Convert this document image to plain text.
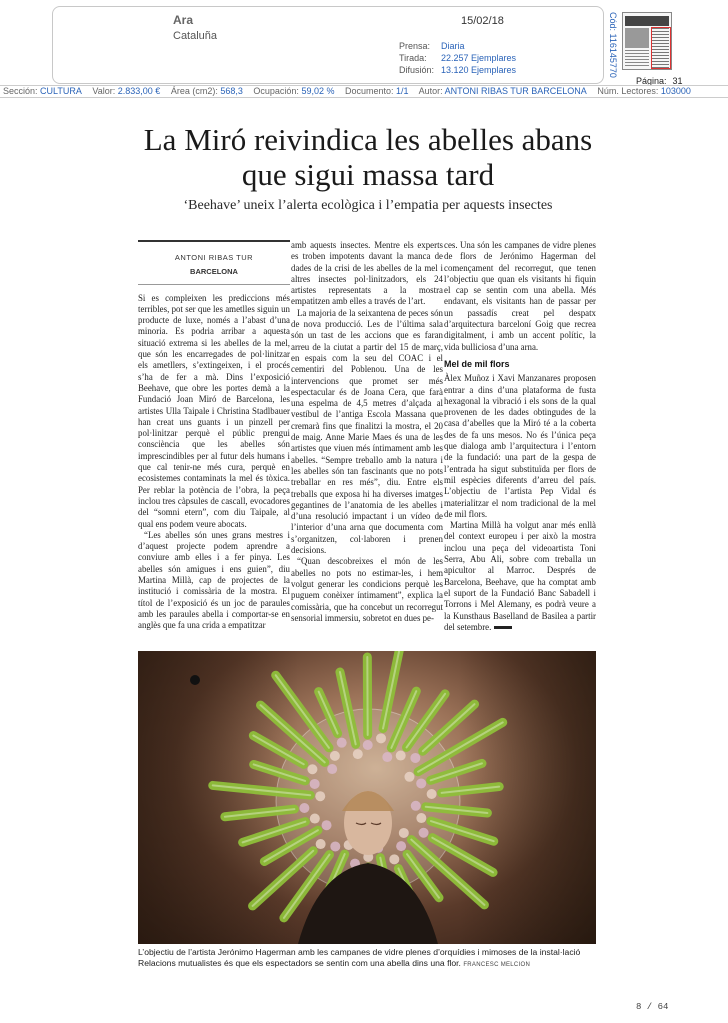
Ara
Cataluña
15/02/18
Prensa: Diaria
Tirada: 22.257 Ejemplares
Difusión: 13.120 Ejemplares	Cód: 116145770
Página: 31
Sección: CULTURA Valor: 2.833,00 € Área (cm2): 568,3 Ocupación: 59,02 % Documento: 1/1 Autor: ANTONI RIBAS TUR BARCELONA Núm. Lectores: 103000
La Miró reivindica les abelles abans que sigui massa tard
‘Beehave’ uneix l’alerta ecològica i l’empatia per aquests insectes
ANTONI RIBAS TUR
BARCELONA

Si es compleixen les prediccions més terribles, pot ser que les ametlles siguin un producte de luxe, només a l’abast d’una minoria. Es podria arribar a aquesta situació extrema si les abelles de la mel, que són les encarregades de pol·linitzar els ametllers, s’extingeixen, i el procés s’ha de fer a mà. Dins l’exposició Beehave, que obre les portes demà a la Fundació Joan Miró de Barcelona, les artistes Ulla Taipale i Christina Stadlbauer han creat uns guants i un pinzell per pol·linitzar perquè el públic prengui consciència que les abelles són imprescindibles per al futur dels humans i que cal tenir-ne més cura, perquè en ecosistemes contaminats la mel és tòxica. Per reblar la potència de l’obra, la peça inclou tres càpsules de cascall, evocadores del “somni etern”, com diu Taipale, al qual ens podem veure abocats.

“Les abelles són unes grans mestres i d’aquest projecte podem aprendre a conviure amb elles i a fer pinya. Les abelles són amigues i ens guien”, diu Martina Millà, cap de projectes de la institució i comissària de la mostra. El títol de l’exposició és un joc de paraules amb les paraules abella i comportar-se en anglès que fa una crida a empatitzar

amb aquests insectes. Mentre els experts es troben impotents davant la manca de dades de la crisi de les abelles de la mel i altres insectes pol·linitzadors, els 24 artistes representats a la mostra empatitzen amb elles a través de l’art.

La majoria de la seixantena de peces són de nova producció. Les de l’última sala són un tast de les accions que es faran arreu de la ciutat a partir del 15 de març, en espais com la seu del COAC i el cementiri del Poblenou. Una de les intervencions que promet ser més espectacular és de Joana Cera, que farà una espelma de 4,5 metres d’alçada al vestíbul de l’antiga Escola Massana que cremarà fins que finalitzi la mostra, el 20 de maig. Anne Marie Maes és una de les artistes que viuen més íntimament amb les abelles. “Sempre treballo amb la natura i les abelles són tan fascinants que no pots treballar en res més”, diu. Entre els treballs que exposa hi ha diverses imatges gegantines de l’anatomia de les abelles i d’una resolució impactant i un vídeo de l’interior d’una arna que documenta com s’organitzen, col·laboren i prenen decisions.

“Quan descobreixes el món de les abelles no pots no estimar-les, i hem volgut generar les condicions perquè les puguem conèixer íntimament”, explica la comissària, que ha concebut un recorregut sensorial immersiu, sobretot en dues pe-

ces. Una són les campanes de vidre plenes de flors de Jerónimo Hagerman del començament del recorregut, que tenen l’objectiu que quan els visitants hi fiquin el cap se sentin com una abella. Més endavant, els visitants han de passar per un passadís creat pel despatx d’arquitectura barceloní Goig que recrea digitalment, i amb un accent polític, la vida bulliciosa d’una arna.

Mel de mil flors

Àlex Muñoz i Xavi Manzanares proposen entrar a dins d’una plataforma de fusta hexagonal la vibració i els sons de la qual provenen de les dades obtingudes de la casa d’abelles que la Miró té a la coberta des de fa uns mesos. No és l’única peça que dialoga amb l’arquitectura i l’entorn de la fundació: una part de la gespa de l’entrada ha sigut substituïda per flors de mil espècies diferents d’arreu del país. L’objectiu de l’artista Pep Vidal és materialitzar el nom tradicional de la mel de mil flors.

Martina Millà ha volgut anar més enllà del context europeu i per això la mostra inclou una peça del videoartista Toni Serra, Abu Ali, sobre com treballa un apicultor al Marroc. Després de Barcelona, Beehave, que ha comptat amb el suport de la Fundació Banc Sabadell i Torrons i Mel Alemany, es podrà veure a la Kunsthaus Baselland de Basilea a partir del setembre.

L’objectiu de l’artista Jerónimo Hagerman amb les campanes de vidre plenes d’orquídies i mimoses de la instal·lació Relacions mutualistes és que els espectadors se sentin com una abella dins una flor. FRANCESC MELCION
8 / 64
